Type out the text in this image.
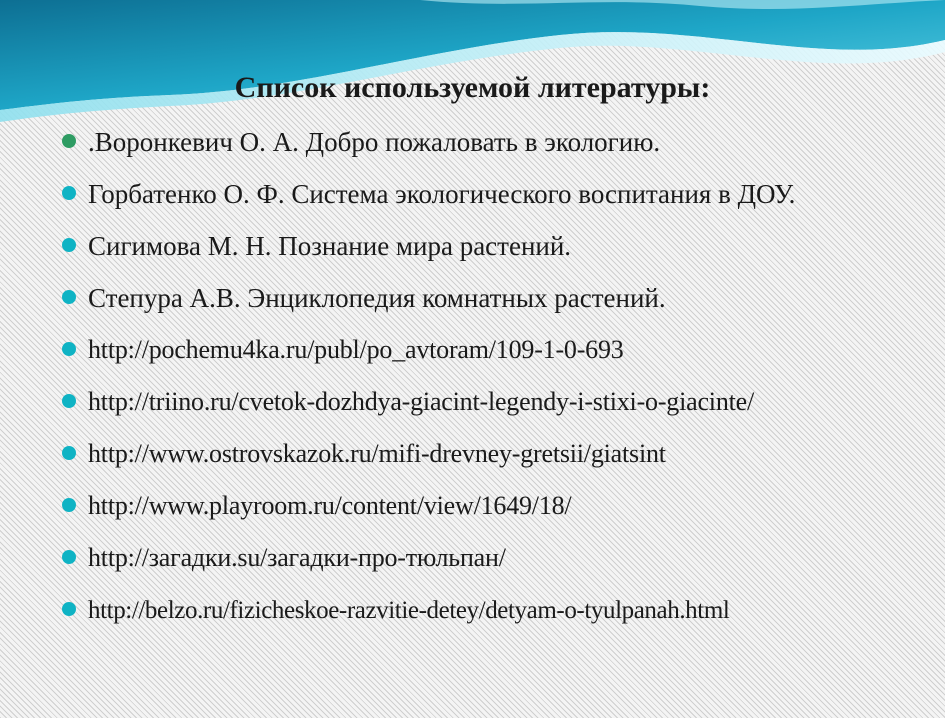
Список используемой литературы:
.Воронкевич О. А. Добро пожаловать в экологию.
Горбатенко О. Ф. Система экологического воспитания в ДОУ.
Сигимова М. Н. Познание мира растений.
Степура А.В. Энциклопедия комнатных растений.
http://pochemu4ka.ru/publ/po_avtoram/109-1-0-693
http://triino.ru/cvetok-dozhdya-giacint-legendy-i-stixi-o-giacinte/
http://www.ostrovskazok.ru/mifi-drevney-gretsii/giatsint
http://www.playroom.ru/content/view/1649/18/
http://загадки.su/загадки-про-тюльпан/
http://belzo.ru/fizicheskoe-razvitie-detey/detyam-o-tyulpanah.html
